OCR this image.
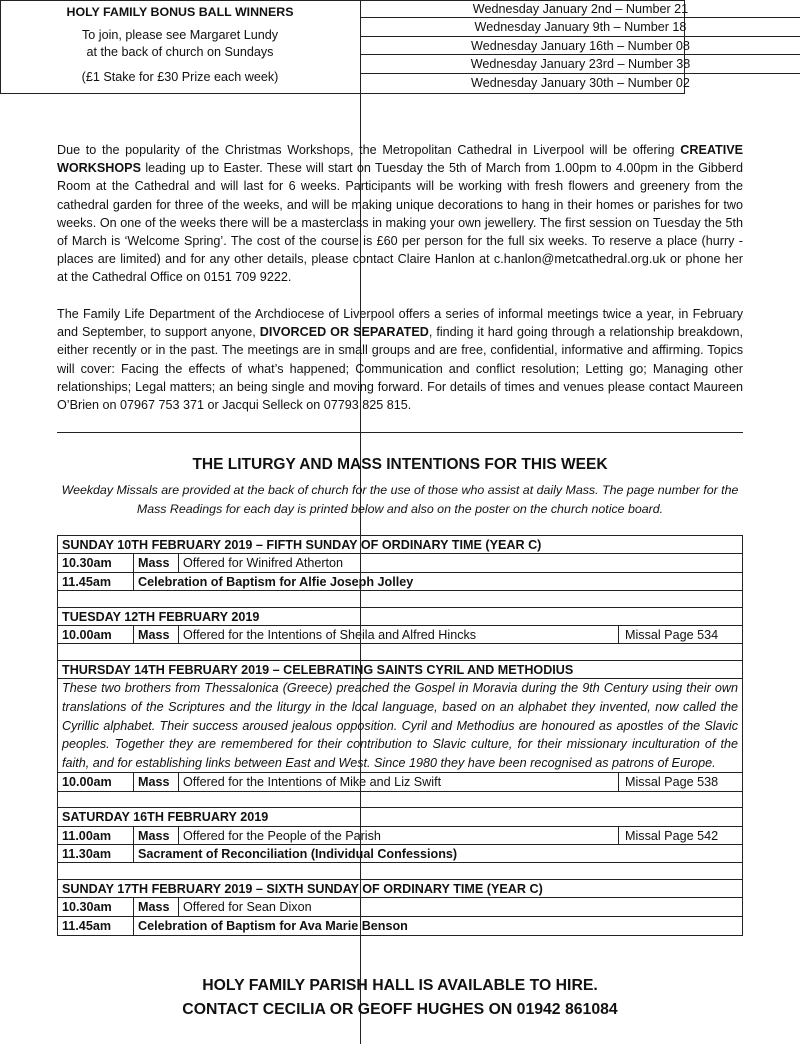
HOLY FAMILY BONUS BALL WINNERS
To join, please see Margaret Lundy
at the back of church on Sundays
(£1 Stake for £30 Prize each week)
Wednesday January 2nd – Number 21
Wednesday January 9th – Number 18
Wednesday January 16th – Number 08
Wednesday January 23rd – Number 38
Wednesday January 30th – Number 02
Due to the popularity of the Christmas Workshops, the Metropolitan Cathedral in Liverpool will be offering CREATIVE WORKSHOPS leading up to Easter. These will start on Tuesday the 5th of March from 1.00pm to 4.00pm in the Gibberd Room at the Cathedral and will last for 6 weeks. Participants will be working with fresh flowers and greenery from the cathedral garden for three of the weeks, and will be making unique decorations to hang in their homes or parishes for two weeks. On one of the weeks there will be a masterclass in making your own jewellery. The first session on Tuesday the 5th of March is ‘Welcome Spring’. The cost of the course is £60 per person for the full six weeks. To reserve a place (hurry - places are limited) and for any other details, please contact Claire Hanlon at c.hanlon@metcathedral.org.uk or phone her at the Cathedral Office on 0151 709 9222.
The Family Life Department of the Archdiocese of Liverpool offers a series of informal meetings twice a year, in February and September, to support anyone, DIVORCED OR SEPARATED, finding it hard going through a relationship breakdown, either recently or in the past. The meetings are in small groups and are free, confidential, informative and affirming. Topics will cover: Facing the effects of what’s happened; Communication and conflict resolution; Letting go; Managing other relationships; Legal matters; an being single and moving forward. For details of times and venues please contact Maureen O’Brien on 07967 753 371 or Jacqui Selleck on 07793 825 815.
THE LITURGY AND MASS INTENTIONS FOR THIS WEEK
Weekday Missals are provided at the back of church for the use of those who assist at daily Mass. The page number for the Mass Readings for each day is printed below and also on the poster on the church notice board.
SUNDAY 10TH FEBRUARY 2019 – FIFTH SUNDAY OF ORDINARY TIME (YEAR C)
10.30am	Mass	Offered for Winifred Atherton
11.45am	Celebration of Baptism for Alfie Joseph Jolley
TUESDAY 12TH FEBRUARY 2019
10.00am	Mass	Offered for the Intentions of Sheila and Alfred Hincks	Missal Page 534
THURSDAY 14TH FEBRUARY 2019 – CELEBRATING SAINTS CYRIL AND METHODIUS
These two brothers from Thessalonica (Greece) preached the Gospel in Moravia during the 9th Century using their own translations of the Scriptures and the liturgy in the local language, based on an alphabet they invented, now called the Cyrillic alphabet. Their success aroused jealous opposition. Cyril and Methodius are honoured as apostles of the Slavic peoples. Together they are remembered for their contribution to Slavic culture, for their missionary inculturation of the faith, and for establishing links between East and West. Since 1980 they have been recognised as patrons of Europe.
10.00am	Mass	Offered for the Intentions of Mike and Liz Swift	Missal Page 538
SATURDAY 16TH FEBRUARY 2019
11.00am	Mass	Offered for the People of the Parish	Missal Page 542
11.30am	Sacrament of Reconciliation (Individual Confessions)
SUNDAY 17TH FEBRUARY 2019 – SIXTH SUNDAY OF ORDINARY TIME (YEAR C)
10.30am	Mass	Offered for Sean Dixon
11.45am	Celebration of Baptism for Ava Marie Benson
HOLY FAMILY PARISH HALL IS AVAILABLE TO HIRE.
CONTACT CECILIA OR GEOFF HUGHES ON 01942 861084
